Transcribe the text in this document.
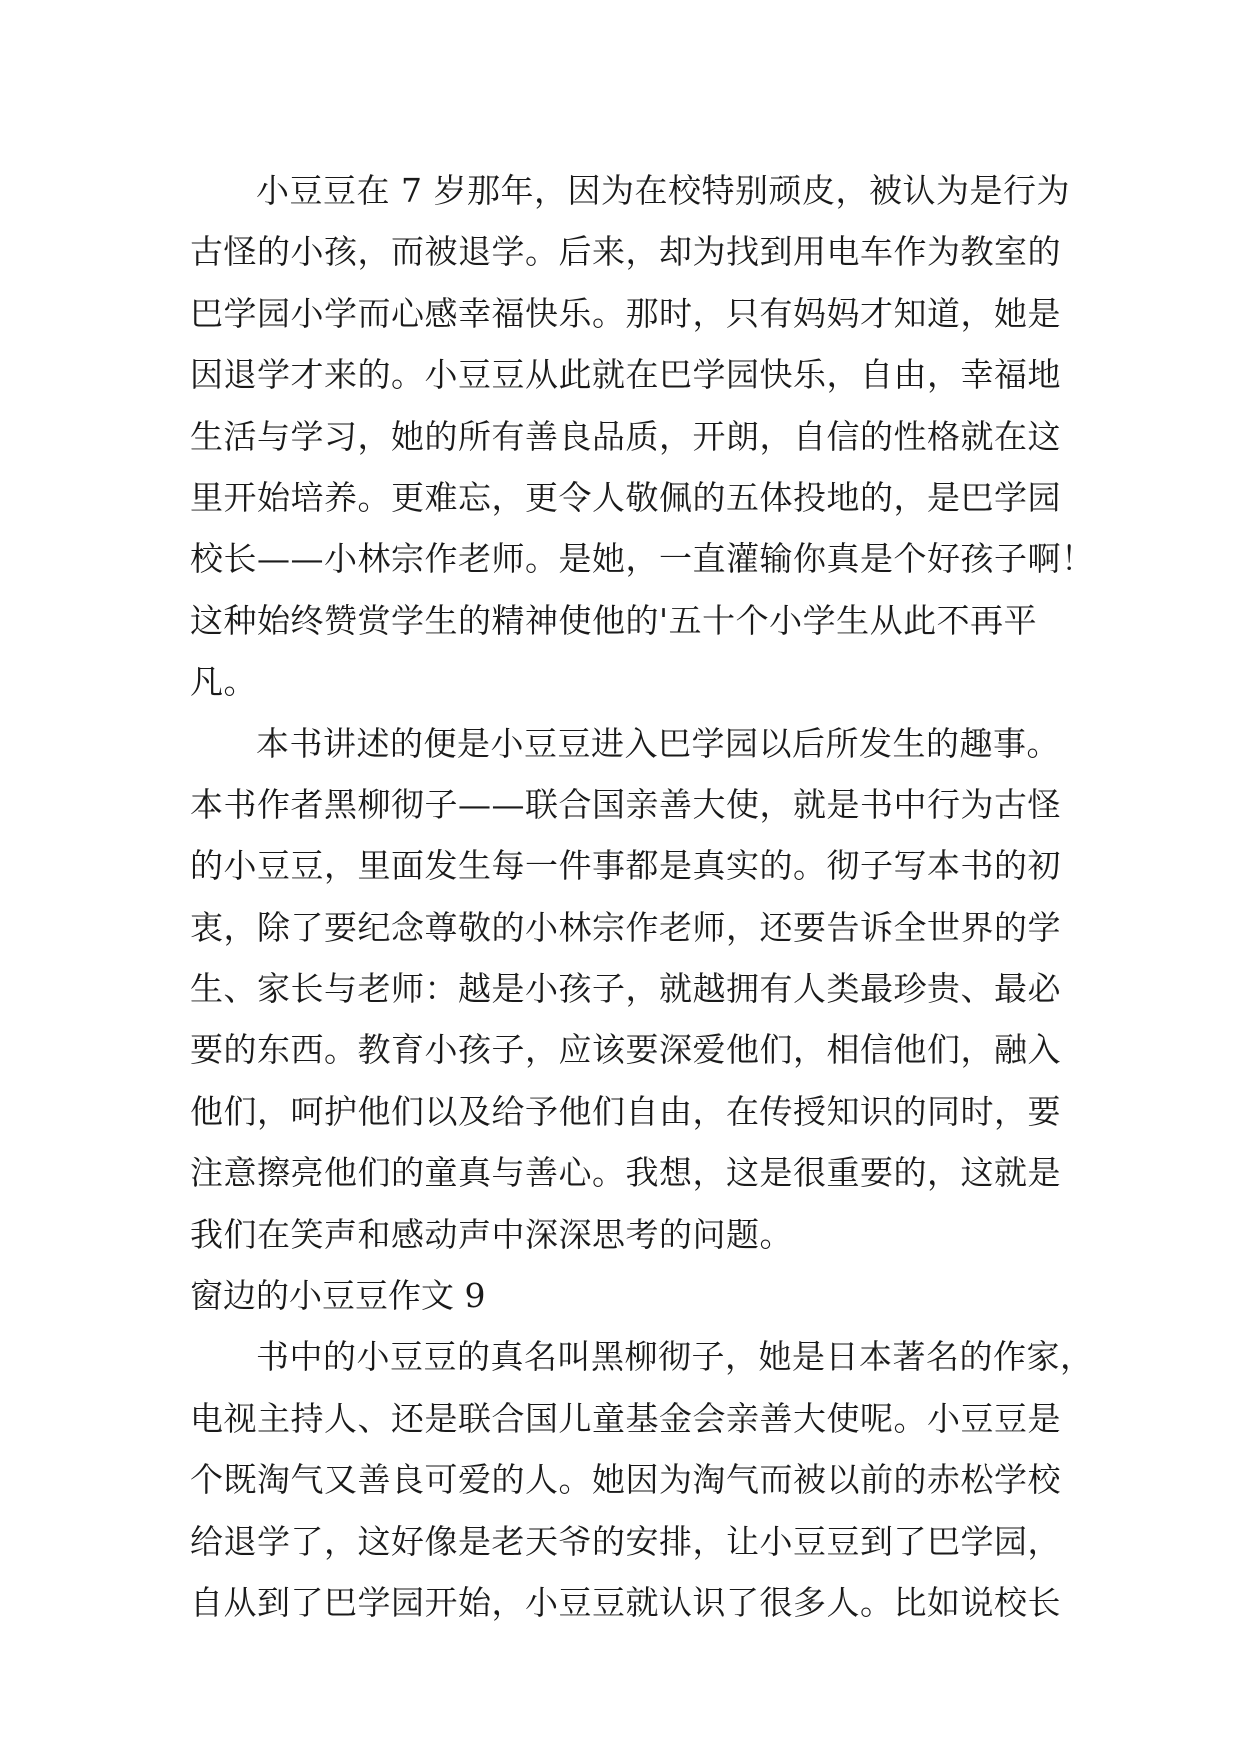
小豆豆在 7 岁那年，因为在校特别顽皮，被认为是行为
古怪的小孩，而被退学。后来，却为找到用电车作为教室的
巴学园小学而心感幸福快乐。那时，只有妈妈才知道，她是
因退学才来的。小豆豆从此就在巴学园快乐，自由，幸福地
生活与学习，她的所有善良品质，开朗，自信的性格就在这
里开始培养。更难忘，更令人敬佩的五体投地的，是巴学园
校长——小林宗作老师。是她，一直灌输你真是个好孩子啊！
这种始终赞赏学生的精神使他的'五十个小学生从此不再平
凡。
本书讲述的便是小豆豆进入巴学园以后所发生的趣事。
本书作者黑柳彻子——联合国亲善大使，就是书中行为古怪
的小豆豆，里面发生每一件事都是真实的。彻子写本书的初
衷，除了要纪念尊敬的小林宗作老师，还要告诉全世界的学
生、家长与老师：越是小孩子，就越拥有人类最珍贵、最必
要的东西。教育小孩子，应该要深爱他们，相信他们，融入
他们，呵护他们以及给予他们自由，在传授知识的同时，要
注意擦亮他们的童真与善心。我想，这是很重要的，这就是
我们在笑声和感动声中深深思考的问题。
窗边的小豆豆作文 9
书中的小豆豆的真名叫黑柳彻子，她是日本著名的作家，
电视主持人、还是联合国儿童基金会亲善大使呢。小豆豆是
个既淘气又善良可爱的人。她因为淘气而被以前的赤松学校
给退学了，这好像是老天爷的安排，让小豆豆到了巴学园，
自从到了巴学园开始，小豆豆就认识了很多人。比如说校长
